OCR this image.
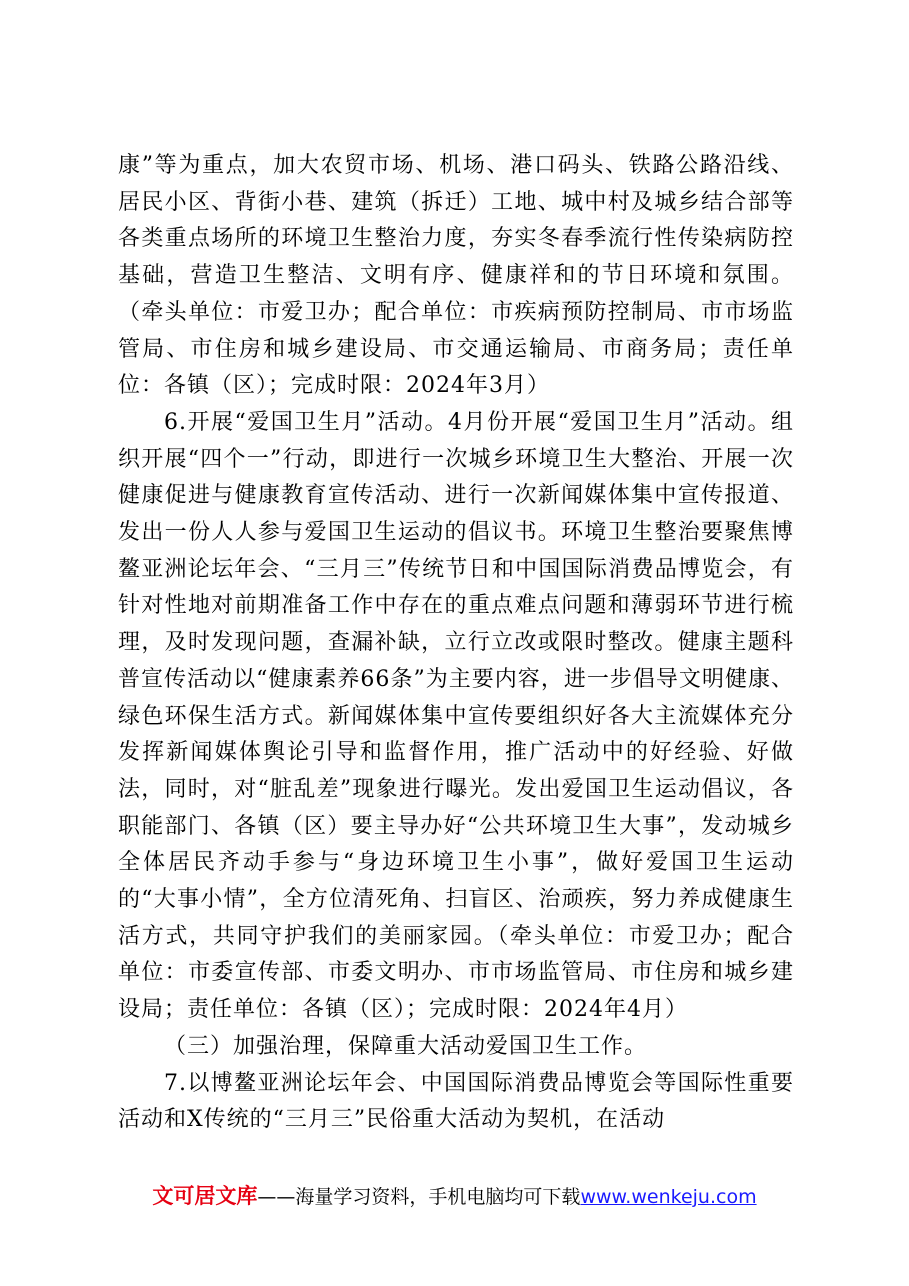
康”等为重点，加大农贸市场、机场、港口码头、铁路公路沿线、居民小区、背街小巷、建筑（拆迁）工地、城中村及城乡结合部等各类重点场所的环境卫生整治力度，夯实冬春季流行性传染病防控基础，营造卫生整洁、文明有序、健康祥和的节日环境和氛围。（牵头单位：市爱卫办；配合单位：市疾病预防控制局、市市场监管局、市住房和城乡建设局、市交通运输局、市商务局；责任单位：各镇（区）；完成时限：2024年3月）

6.开展“爱国卫生月”活动。4月份开展“爱国卫生月”活动。组织开展“四个一”行动，即进行一次城乡环境卫生大整治、开展一次健康促进与健康教育宣传活动、进行一次新闻媒体集中宣传报道、发出一份人人参与爱国卫生运动的倡议书。环境卫生整治要聚焦博鳌亚洲论坛年会、“三月三”传统节日和中国国际消费品博览会，有针对性地对前期准备工作中存在的重点难点问题和薄弱环节进行梳理，及时发现问题，查漏补缺，立行立改或限时整改。健康主题科普宣传活动以“健康素养66条”为主要内容，进一步倡导文明健康、绿色环保生活方式。新闻媒体集中宣传要组织好各大主流媒体充分发挥新闻媒体舆论引导和监督作用，推广活动中的好经验、好做法，同时，对“脏乱差”现象进行曝光。发出爱国卫生运动倡议，各职能部门、各镇（区）要主导办好“公共环境卫生大事”，发动城乡全体居民齐动手参与“身边环境卫生小事”，做好爱国卫生运动的“大事小情”，全方位清死角、扫盲区、治顽疾，努力养成健康生活方式，共同守护我们的美丽家园。（牵头单位：市爱卫办；配合单位：市委宣传部、市委文明办、市市场监管局、市住房和城乡建设局；责任单位：各镇（区）；完成时限：2024年4月）

（三）加强治理，保障重大活动爱国卫生工作。

7.以博鳌亚洲论坛年会、中国国际消费品博览会等国际性重要活动和X传统的“三月三”民俗重大活动为契机，在活动

文可居文库——海量学习资料，手机电脑均可下载www.wenkeju.com
